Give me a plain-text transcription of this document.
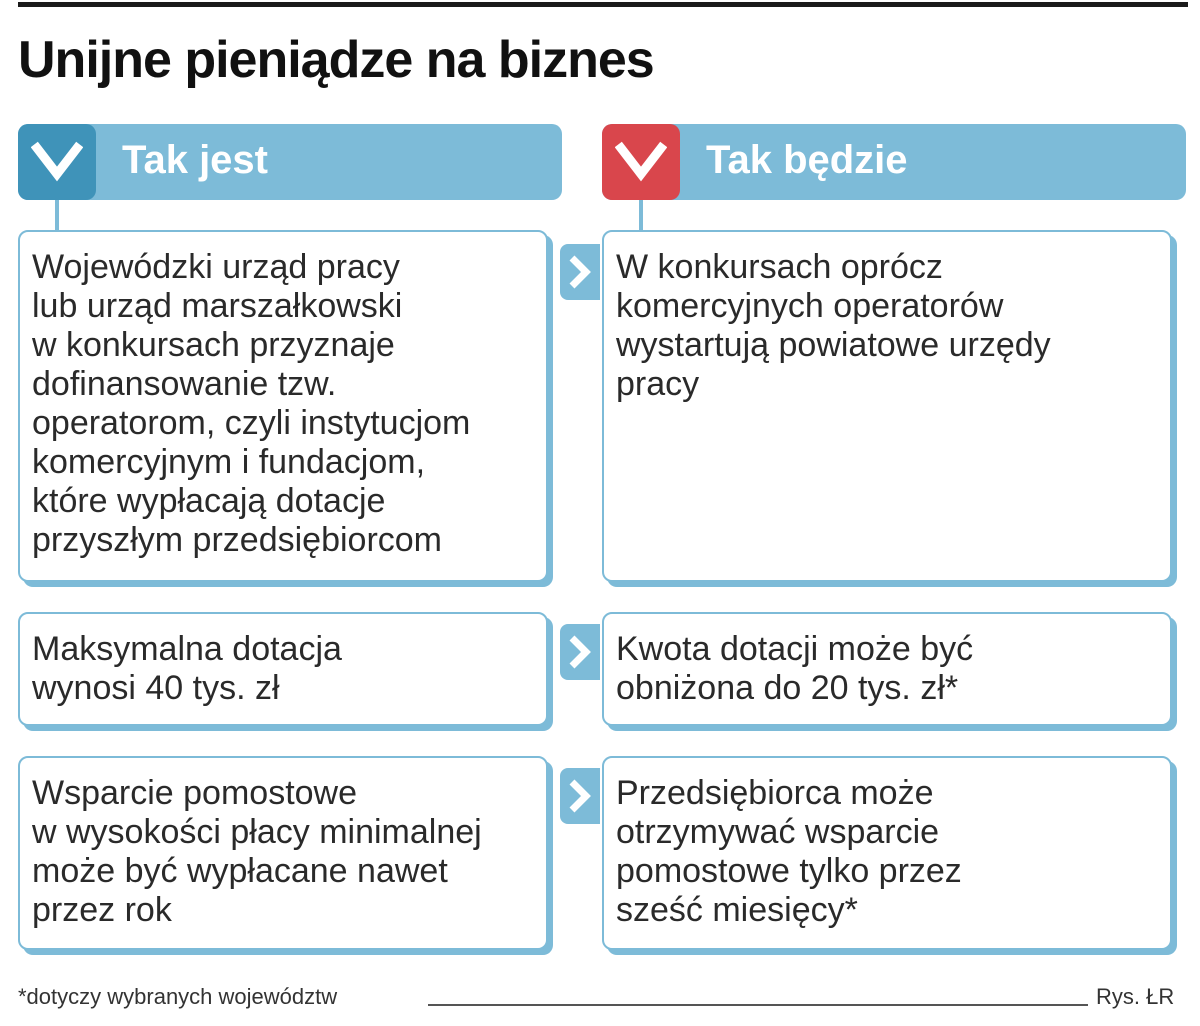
Unijne pieniądze na biznes
Tak jest	Tak będzie

Wojewódzki urząd pracy
lub urząd marszałkowski
w konkursach przyznaje
dofinansowanie tzw.
operatorom, czyli instytucjom
komercyjnym i fundacjom,
które wypłacają dotacje
przyszłym przedsiębiorcom

W konkursach oprócz
komercyjnych operatorów
wystartują powiatowe urzędy
pracy

Maksymalna dotacja
wynosi 40 tys. zł

Kwota dotacji może być
obniżona do 20 tys. zł*

Wsparcie pomostowe
w wysokości płacy minimalnej
może być wypłacane nawet
przez rok

Przedsiębiorca może
otrzymywać wsparcie
pomostowe tylko przez
sześć miesięcy*

*dotyczy wybranych województw	Rys. ŁR
